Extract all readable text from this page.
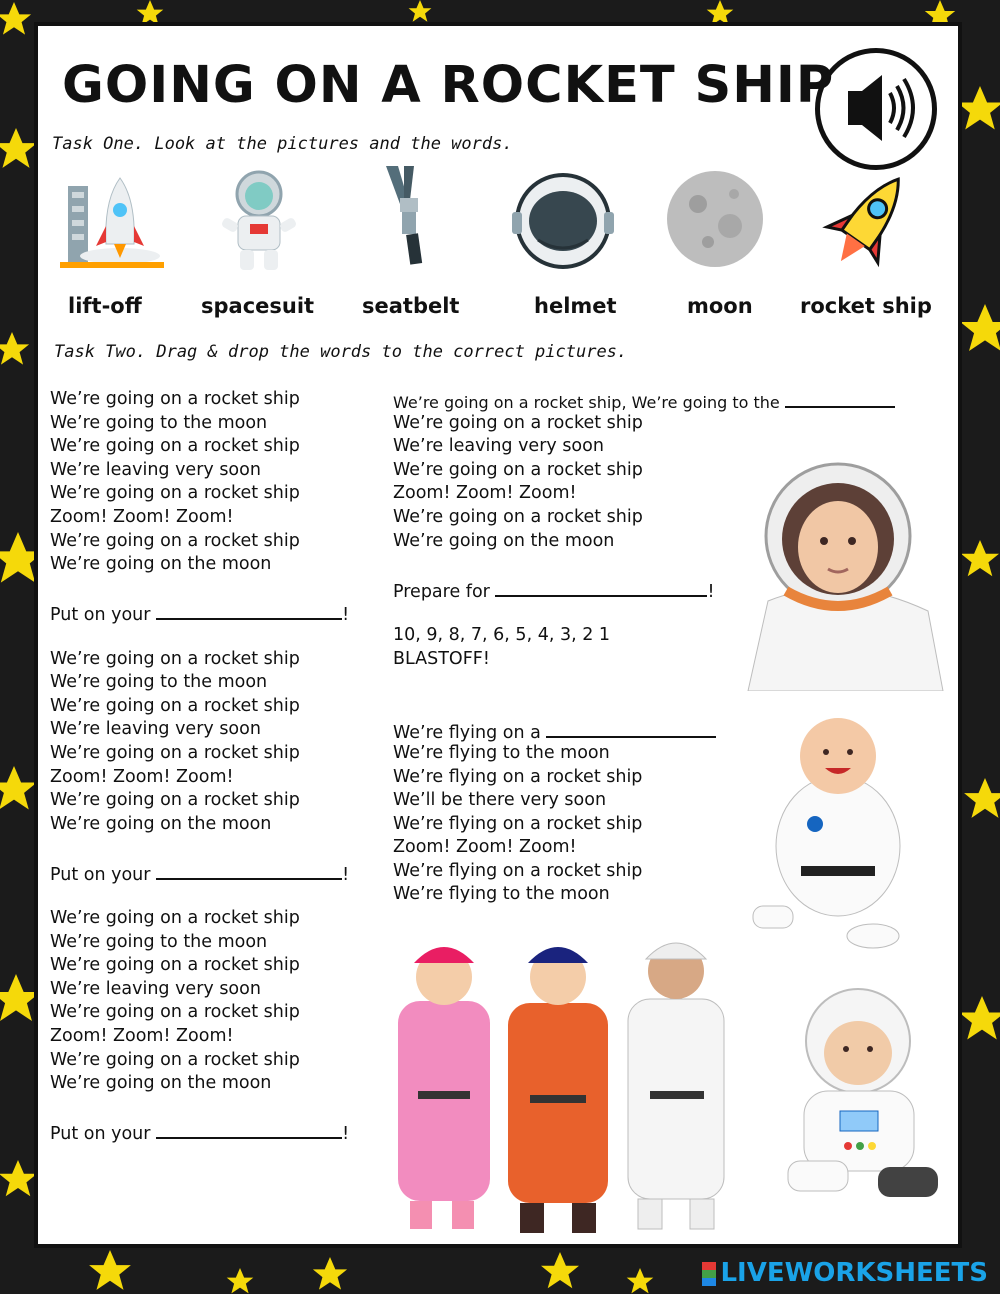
GOING ON A ROCKET SHIP

Task One. Look at the pictures and the words.

lift-off	spacesuit seatbelt	helmet	moon rocket ship

Task Two. Drag & drop the words to the correct pictures.

We’re going on a rocket ship
We’re going to the moon
We’re going on a rocket ship
We’re leaving very soon
We’re going on a rocket ship
Zoom! Zoom! Zoom!
We’re going on a rocket ship
We’re going on the moon
Put on your	!
We’re going on a rocket ship
We’re going to the moon
We’re going on a rocket ship
We’re leaving very soon
We’re going on a rocket ship
Zoom! Zoom! Zoom!
We’re going on a rocket ship
We’re going on the moon
Put on your	!
We’re going on a rocket ship
We’re going to the moon
We’re going on a rocket ship
We’re leaving very soon
We’re going on a rocket ship
Zoom! Zoom! Zoom!
We’re going on a rocket ship
We’re going on the moon
Put on your	!
We’re going on a rocket ship, We’re going to the
We’re going on a rocket ship
We’re leaving very soon
We’re going on a rocket ship
Zoom! Zoom! Zoom!
We’re going on a rocket ship
We’re going on the moon
Prepare for	!
10, 9, 8, 7, 6, 5, 4, 3, 2 1
BLASTOFF!
We’re flying on a
We’re flying to the moon
We’re flying on a rocket ship
We’ll be there very soon
We’re flying on a rocket ship
Zoom! Zoom! Zoom!
We’re flying on a rocket ship
We’re flying to the moon
LIVEWORKSHEETS
